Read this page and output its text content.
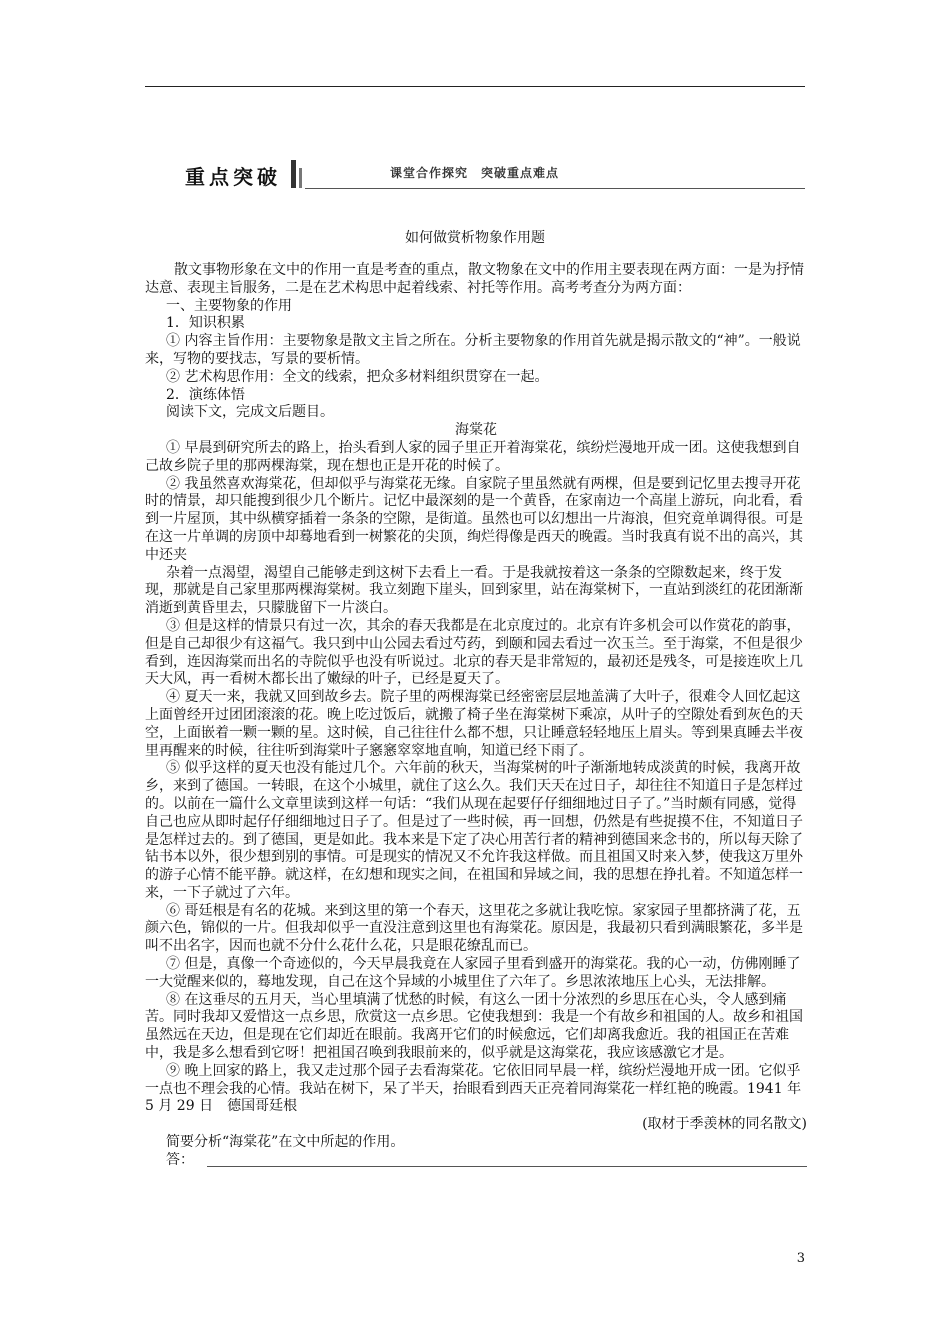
重点突破	课堂合作探究　突破重点难点
如何做赏析物象作用题

散文事物形象在文中的作用一直是考查的重点，散文物象在文中的作用主要表现在两方面：一是为抒情达意、表现主旨服务，二是在艺术构思中起着线索、衬托等作用。高考考查分为两方面：

一、主要物象的作用

1．知识积累

① 内容主旨作用：主要物象是散文主旨之所在。分析主要物象的作用首先就是揭示散文的“神”。一般说来，写物的要找志，写景的要析情。

② 艺术构思作用：全文的线索，把众多材料组织贯穿在一起。

2．演练体悟

阅读下文，完成文后题目。

海棠花

① 早晨到研究所去的路上，抬头看到人家的园子里正开着海棠花，缤纷烂漫地开成一团。这使我想到自己故乡院子里的那两棵海棠，现在想也正是开花的时候了。

② 我虽然喜欢海棠花，但却似乎与海棠花无缘。自家院子里虽然就有两棵，但是要到记忆里去搜寻开花时的情景，却只能搜到很少几个断片。记忆中最深刻的是一个黄昏，在家南边一个高崖上游玩，向北看，看到一片屋顶，其中纵横穿插着一条条的空隙，是街道。虽然也可以幻想出一片海浪，但究竟单调得很。可是在这一片单调的房顶中却蓦地看到一树繁花的尖顶，绚烂得像是西天的晚霞。当时我真有说不出的高兴，其中还夹

杂着一点渴望，渴望自己能够走到这树下去看上一看。于是我就按着这一条条的空隙数起来，终于发现，那就是自己家里那两棵海棠树。我立刻跑下崖头，回到家里，站在海棠树下，一直站到淡红的花团渐渐消逝到黄昏里去，只朦胧留下一片淡白。

③ 但是这样的情景只有过一次，其余的春天我都是在北京度过的。北京有许多机会可以作赏花的韵事，但是自己却很少有这福气。我只到中山公园去看过芍药，到颐和园去看过一次玉兰。至于海棠，不但是很少看到，连因海棠而出名的寺院似乎也没有听说过。北京的春天是非常短的，最初还是残冬，可是接连吹上几天大风，再一看树木都长出了嫩绿的叶子，已经是夏天了。

④ 夏天一来，我就又回到故乡去。院子里的两棵海棠已经密密层层地盖满了大叶子，很难令人回忆起这上面曾经开过团团滚滚的花。晚上吃过饭后，就搬了椅子坐在海棠树下乘凉，从叶子的空隙处看到灰色的天空，上面嵌着一颗一颗的星。这时候，自己往往什么都不想，只让睡意轻轻地压上眉头。等到果真睡去半夜里再醒来的时候，往往听到海棠叶子窸窸窣窣地直响，知道已经下雨了。

⑤ 似乎这样的夏天也没有能过几个。六年前的秋天，当海棠树的叶子渐渐地转成淡黄的时候，我离开故乡，来到了德国。一转眼，在这个小城里，就住了这么久。我们天天在过日子，却往往不知道日子是怎样过的。以前在一篇什么文章里读到这样一句话：“我们从现在起要仔仔细细地过日子了。”当时颇有同感，觉得自己也应从即时起仔仔细细地过日子了。但是过了一些时候，再一回想，仍然是有些捉摸不住，不知道日子是怎样过去的。到了德国，更是如此。我本来是下定了决心用苦行者的精神到德国来念书的，所以每天除了钻书本以外，很少想到别的事情。可是现实的情况又不允许我这样做。而且祖国又时来入梦，使我这万里外的游子心情不能平静。就这样，在幻想和现实之间，在祖国和异域之间，我的思想在挣扎着。不知道怎样一来，一下子就过了六年。

⑥ 哥廷根是有名的花城。来到这里的第一个春天，这里花之多就让我吃惊。家家园子里都挤满了花，五颜六色，锦似的一片。但我却似乎一直没注意到这里也有海棠花。原因是，我最初只看到满眼繁花，多半是叫不出名字，因而也就不分什么花什么花，只是眼花缭乱而已。

⑦ 但是，真像一个奇迹似的，今天早晨我竟在人家园子里看到盛开的海棠花。我的心一动，仿佛刚睡了一大觉醒来似的，蓦地发现，自己在这个异域的小城里住了六年了。乡思浓浓地压上心头，无法排解。

⑧ 在这垂尽的五月天，当心里填满了忧愁的时候，有这么一团十分浓烈的乡思压在心头，令人感到痛苦。同时我却又爱惜这一点乡思，欣赏这一点乡思。它使我想到：我是一个有故乡和祖国的人。故乡和祖国虽然远在天边，但是现在它们却近在眼前。我离开它们的时候愈远，它们却离我愈近。我的祖国正在苦难中，我是多么想看到它呀！把祖国召唤到我眼前来的，似乎就是这海棠花，我应该感激它才是。

⑨ 晚上回家的路上，我又走过那个园子去看海棠花。它依旧同早晨一样，缤纷烂漫地开成一团。它似乎一点也不理会我的心情。我站在树下，呆了半天，抬眼看到西天正亮着同海棠花一样红艳的晚霞。1941 年 5 月 29 日　德国哥廷根

(取材于季羡林的同名散文)

简要分析“海棠花”在文中所起的作用。

答：
3
